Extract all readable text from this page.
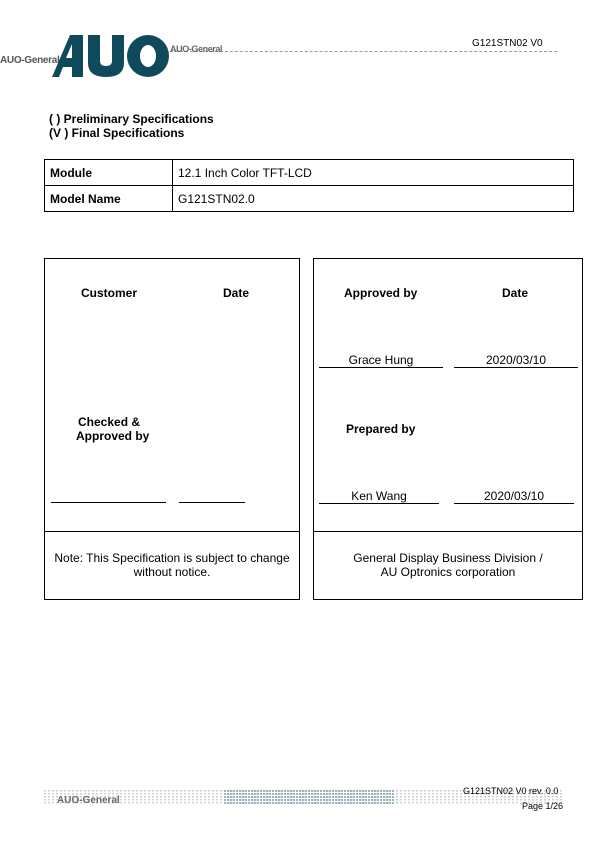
AUO-General
AUO-General	G121STN02 V0
( ) Preliminary Specifications
(V ) Final Specifications
Module	12.1 Inch Color TFT-LCD
Model Name	G121STN02.0
Customer	Date
Checked &
Approved by
Note: This Specification is subject to change
without notice.
Approved by	Date
Grace Hung	2020/03/10
Prepared by
Ken Wang	2020/03/10
General Display Business Division /
AU Optronics corporation
AUO-General
G121STN02 V0 rev. 0.0
Page 1/26
